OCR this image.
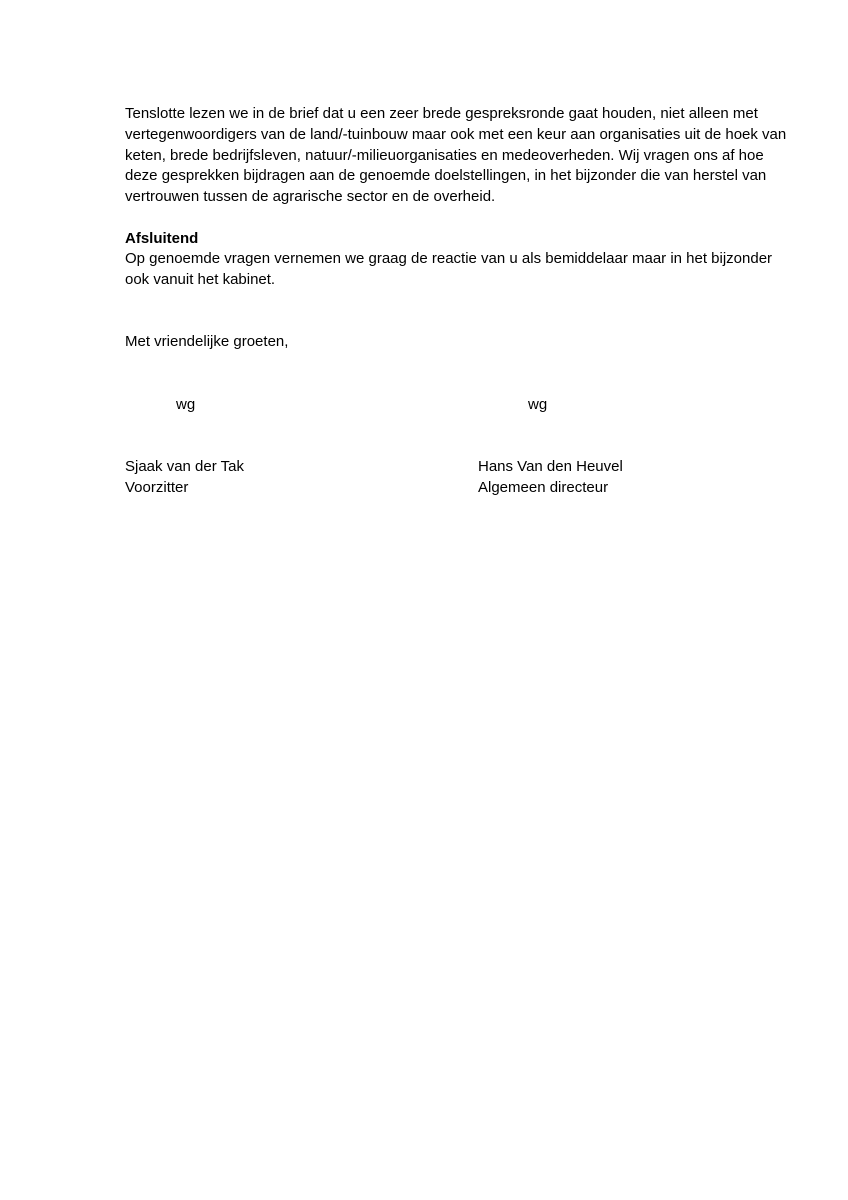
Tenslotte lezen we in de brief dat u een zeer brede gespreksronde gaat houden, niet alleen met vertegenwoordigers van de land/-tuinbouw maar ook met een keur aan organisaties uit de hoek van keten, brede bedrijfsleven, natuur/-milieuorganisaties en medeoverheden. Wij vragen ons af hoe deze gesprekken bijdragen aan de genoemde doelstellingen, in het bijzonder die van herstel van vertrouwen tussen de agrarische sector en de overheid.

Afsluitend

Op genoemde vragen vernemen we graag de reactie van u als bemiddelaar maar in het bijzonder ook vanuit het kabinet.

Met vriendelijke groeten,
wg	wg
Sjaak van der Tak
Voorzitter
Hans Van den Heuvel
Algemeen directeur
